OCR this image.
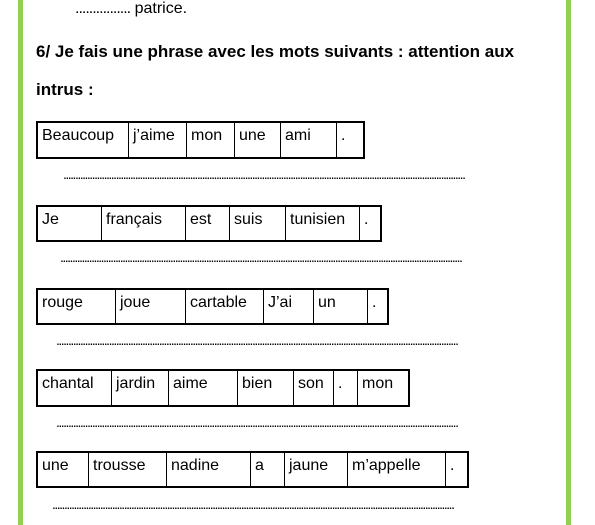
................ patrice.
6/ Je fais une phrase avec les mots suivants : attention aux
intrus :
Beaucoup	j’aime	mon	une	ami	.
........................................................................................................................................................................
Je	français	est	suis	tunisien	.
........................................................................................................................................................................
rouge	joue	cartable	J’ai	un	.
........................................................................................................................................................................
chantal	jardin	aime	bien	son .	mon
........................................................................................................................................................................
une	trousse	nadine	a	jaune	m’appelle	.
........................................................................................................................................................................
